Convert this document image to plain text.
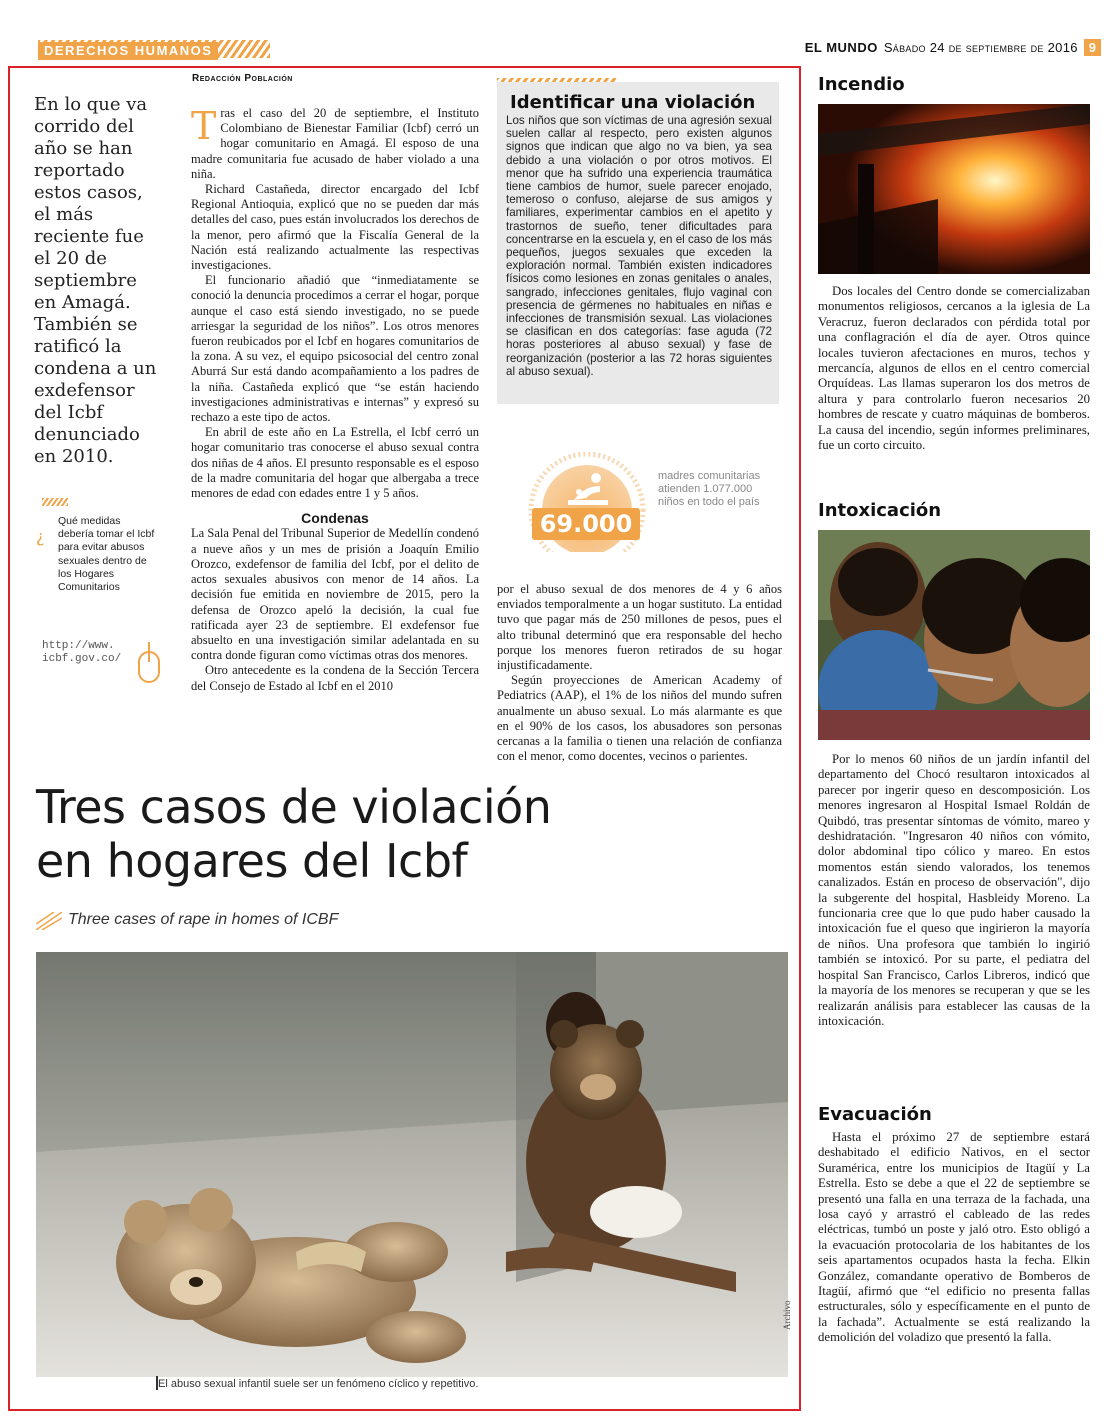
DERECHOS HUMANOS	EL MUNDO Sábado 24 de septiembre de 2016 9
En lo que va corrido del año se han reportado estos casos, el más reciente fue el 20 de septiembre en Amagá. También se ratificó la condena a un exdefensor del Icbf denunciado en 2010.
¿
Qué medidas debería tomar el Icbf para evitar abusos sexuales dentro de los Hogares Comunitarios
http://www.
icbf.gov.co/
Redacción Población

Tras el caso del 20 de septiembre, el Instituto Colombiano de Bienestar Familiar (Icbf) cerró un hogar comunitario en Amagá. El esposo de una madre comunitaria fue acusado de haber violado a una niña.

Richard Castañeda, director encargado del Icbf Regional Antioquia, explicó que no se pueden dar más detalles del caso, pues están involucrados los derechos de la menor, pero afirmó que la Fiscalía General de la Nación está realizando actualmente las respectivas investigaciones.

El funcionario añadió que “inmediatamente se conoció la denuncia procedimos a cerrar el hogar, porque aunque el caso está siendo investigado, no se puede arriesgar la seguridad de los niños”. Los otros menores fueron reubicados por el Icbf en hogares comunitarios de la zona. A su vez, el equipo psicosocial del centro zonal Aburrá Sur está dando acompañamiento a los padres de la niña. Castañeda explicó que “se están haciendo investigaciones administrativas e internas” y expresó su rechazo a este tipo de actos.

En abril de este año en La Estrella, el Icbf cerró un hogar comunitario tras conocerse el abuso sexual contra dos niñas de 4 años. El presunto responsable es el esposo de la madre comunitaria del hogar que albergaba a trece menores de edad con edades entre 1 y 5 años.

Condenas

La Sala Penal del Tribunal Superior de Medellín condenó a nueve años y un mes de prisión a Joaquín Emilio Orozco, exdefensor de familia del Icbf, por el delito de actos sexuales abusivos con menor de 14 años. La decisión fue emitida en noviembre de 2015, pero la defensa de Orozco apeló la decisión, la cual fue ratificada ayer 23 de septiembre. El exdefensor fue absuelto en una investigación similar adelantada en su contra donde figuran como víctimas otras dos menores.

Otro antecedente es la condena de la Sección Tercera del Consejo de Estado al Icbf en el 2010

Identificar una violación
Los niños que son víctimas de una agresión sexual suelen callar al respecto, pero existen algunos signos que indican que algo no va bien, ya sea debido a una violación o por otros motivos. El menor que ha sufrido una experiencia traumática tiene cambios de humor, suele parecer enojado, temeroso o confuso, alejarse de sus amigos y familiares, experimentar cambios en el apetito y trastornos de sueño, tener dificultades para concentrarse en la escuela y, en el caso de los más pequeños, juegos sexuales que exceden la exploración normal. También existen indicadores físicos como lesiones en zonas genitales o anales, sangrado, infecciones genitales, flujo vaginal con presencia de gérmenes no habituales en niñas e infecciones de transmisión sexual. Las violaciones se clasifican en dos categorías: fase aguda (72 horas posteriores al abuso sexual) y fase de reorganización (posterior a las 72 horas siguientes al abuso sexual).
69.000
madres comunitarias atienden 1.077.000 niños en todo el país

por el abuso sexual de dos menores de 4 y 6 años enviados temporalmente a un hogar sustituto. La entidad tuvo que pagar más de 250 millones de pesos, pues el alto tribunal determinó que era responsable del hecho porque los menores fueron retirados de su hogar injustificadamente.

Según proyecciones de American Academy of Pediatrics (AAP), el 1% de los niños del mundo sufren anualmente un abuso sexual. Lo más alarmante es que en el 90% de los casos, los abusadores son personas cercanas a la familia o tienen una relación de confianza con el menor, como docentes, vecinos o parientes.

Tres casos de violación
en hogares del Icbf
Three cases of rape in homes of ICBF
El abuso sexual infantil suele ser un fenómeno cíclico y repetitivo.
Archivo
Incendio

Dos locales del Centro donde se comercializaban monumentos religiosos, cercanos a la iglesia de La Veracruz, fueron declarados con pérdida total por una conflagración el día de ayer. Otros quince locales tuvieron afectaciones en muros, techos y mercancía, algunos de ellos en el centro comercial Orquídeas. Las llamas superaron los dos metros de altura y para controlarlo fueron necesarios 20 hombres de rescate y cuatro máquinas de bomberos. La causa del incendio, según informes preliminares, fue un corto circuito.

Intoxicación

Por lo menos 60 niños de un jardín infantil del departamento del Chocó resultaron intoxicados al parecer por ingerir queso en descomposición. Los menores ingresaron al Hospital Ismael Roldán de Quibdó, tras presentar síntomas de vómito, mareo y deshidratación. "Ingresaron 40 niños con vómito, dolor abdominal tipo cólico y mareo. En estos momentos están siendo valorados, los tenemos canalizados. Están en proceso de observación", dijo la subgerente del hospital, Hasbleidy Moreno. La funcionaria cree que lo que pudo haber causado la intoxicación fue el queso que ingirieron la mayoría de niños. Una profesora que también lo ingirió también se intoxicó. Por su parte, el pediatra del hospital San Francisco, Carlos Libreros, indicó que la mayoría de los menores se recuperan y que se les realizarán análisis para establecer las causas de la intoxicación.

Evacuación

Hasta el próximo 27 de septiembre estará deshabitado el edificio Nativos, en el sector Suramérica, entre los municipios de Itagüí y La Estrella. Esto se debe a que el 22 de septiembre se presentó una falla en una terraza de la fachada, una losa cayó y arrastró el cableado de las redes eléctricas, tumbó un poste y jaló otro. Esto obligó a la evacuación protocolaria de los habitantes de los seis apartamentos ocupados hasta la fecha. Elkin González, comandante operativo de Bomberos de Itagüí, afirmó que “el edificio no presenta fallas estructurales, sólo y específicamente en el punto de la fachada”. Actualmente se está realizando la demolición del voladizo que presentó la falla.
